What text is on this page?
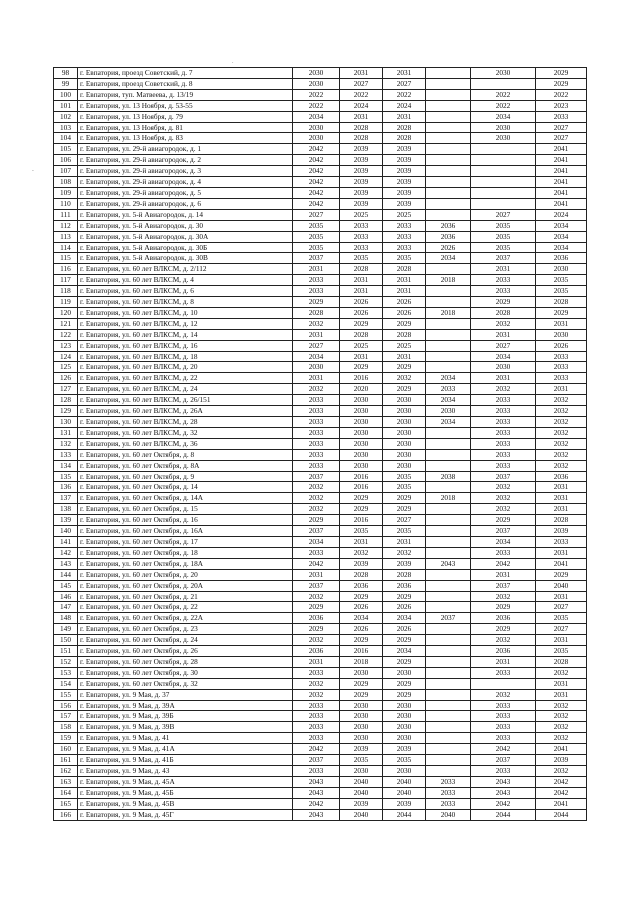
98	г. Евпатория, проезд Советский, д. 7	2030	2031	2031		2030	2029
99	г. Евпатория, проезд Советский, д. 8	2030	2027	2027			2029
100	г. Евпатория, туп. Матвеева, д. 13/19	2022	2022	2022		2022	2022
101	г. Евпатория, ул. 13 Ноября, д. 53-55	2022	2024	2024		2022	2023
102	г. Евпатория, ул. 13 Ноября, д. 79	2034	2031	2031		2034	2033
103	г. Евпатория, ул. 13 Ноября, д. 81	2030	2028	2028		2030	2027
104	г. Евпатория, ул. 13 Ноября, д. 83	2030	2028	2028		2030	2027
105	г. Евпатория, ул. 29-й авиагородок, д. 1	2042	2039	2039			2041
106	г. Евпатория, ул. 29-й авиагородок, д. 2	2042	2039	2039			2041
107	г. Евпатория, ул. 29-й авиагородок, д. 3	2042	2039	2039			2041
108	г. Евпатория, ул. 29-й авиагородок, д. 4	2042	2039	2039			2041
109	г. Евпатория, ул. 29-й авиагородок, д. 5	2042	2039	2039			2041
110	г. Евпатория, ул. 29-й авиагородок, д. 6	2042	2039	2039			2041
111	г. Евпатория, ул. 5-й Авиагородок, д. 14	2027	2025	2025		2027	2024
112	г. Евпатория, ул. 5-й Авиагородок, д. 30	2035	2033	2033	2036	2035	2034
113	г. Евпатория, ул. 5-й Авиагородок, д. 30А	2035	2033	2033	2036	2035	2034
114	г. Евпатория, ул. 5-й Авиагородок, д. 30Б	2035	2033	2033	2026	2035	2034
115	г. Евпатория, ул. 5-й Авиагородок, д. 30В	2037	2035	2035	2034	2037	2036
116	г. Евпатория, ул. 60 лет ВЛКСМ, д. 2/112	2031	2028	2028		2031	2030
117	г. Евпатория, ул. 60 лет ВЛКСМ, д. 4	2033	2031	2031	2018	2033	2035
118	г. Евпатория, ул. 60 лет ВЛКСМ, д. 6	2033	2031	2031		2033	2035
119	г. Евпатория, ул. 60 лет ВЛКСМ, д. 8	2029	2026	2026		2029	2028
120	г. Евпатория, ул. 60 лет ВЛКСМ, д. 10	2028	2026	2026	2018	2028	2029
121	г. Евпатория, ул. 60 лет ВЛКСМ, д. 12	2032	2029	2029		2032	2031
122	г. Евпатория, ул. 60 лет ВЛКСМ, д. 14	2031	2028	2028		2031	2030
123	г. Евпатория, ул. 60 лет ВЛКСМ, д. 16	2027	2025	2025		2027	2026
124	г. Евпатория, ул. 60 лет ВЛКСМ, д. 18	2034	2031	2031		2034	2033
125	г. Евпатория, ул. 60 лет ВЛКСМ, д. 20	2030	2029	2029		2030	2033
126	г. Евпатория, ул. 60 лет ВЛКСМ, д. 22	2031	2016	2032	2034	2031	2033
127	г. Евпатория, ул. 60 лет ВЛКСМ, д. 24	2032	2020	2029	2033	2032	2031
128	г. Евпатория, ул. 60 лет ВЛКСМ, д. 26/151	2033	2030	2030	2034	2033	2032
129	г. Евпатория, ул. 60 лет ВЛКСМ, д. 26А	2033	2030	2030	2030	2033	2032
130	г. Евпатория, ул. 60 лет ВЛКСМ, д. 28	2033	2030	2030	2034	2033	2032
131	г. Евпатория, ул. 60 лет ВЛКСМ, д. 32	2033	2030	2030		2033	2032
132	г. Евпатория, ул. 60 лет ВЛКСМ, д. 36	2033	2030	2030		2033	2032
133	г. Евпатория, ул. 60 лет Октября, д. 8	2033	2030	2030		2033	2032
134	г. Евпатория, ул. 60 лет Октября, д. 8А	2033	2030	2030		2033	2032
135	г. Евпатория, ул. 60 лет Октября, д. 9	2037	2016	2035	2038	2037	2036
136	г. Евпатория, ул. 60 лет Октября, д. 14	2032	2016	2035		2032	2031
137	г. Евпатория, ул. 60 лет Октября, д. 14А	2032	2029	2029	2018	2032	2031
138	г. Евпатория, ул. 60 лет Октября, д. 15	2032	2029	2029		2032	2031
139	г. Евпатория, ул. 60 лет Октября, д. 16	2029	2016	2027		2029	2028
140	г. Евпатория, ул. 60 лет Октября, д. 16А	2037	2035	2035		2037	2039
141	г. Евпатория, ул. 60 лет Октября, д. 17	2034	2031	2031		2034	2033
142	г. Евпатория, ул. 60 лет Октября, д. 18	2033	2032	2032		2033	2031
143	г. Евпатория, ул. 60 лет Октября, д. 18А	2042	2039	2039	2043	2042	2041
144	г. Евпатория, ул. 60 лет Октября, д. 20	2031	2028	2028		2031	2029
145	г. Евпатория, ул. 60 лет Октября, д. 20А	2037	2036	2036		2037	2040
146	г. Евпатория, ул. 60 лет Октября, д. 21	2032	2029	2029		2032	2031
147	г. Евпатория, ул. 60 лет Октября, д. 22	2029	2026	2026		2029	2027
148	г. Евпатория, ул. 60 лет Октября, д. 22А	2036	2034	2034	2037	2036	2035
149	г. Евпатория, ул. 60 лет Октября, д. 23	2029	2026	2026		2029	2027
150	г. Евпатория, ул. 60 лет Октября, д. 24	2032	2029	2029		2032	2031
151	г. Евпатория, ул. 60 лет Октября, д. 26	2036	2016	2034		2036	2035
152	г. Евпатория, ул. 60 лет Октября, д. 28	2031	2018	2029		2031	2028
153	г. Евпатория, ул. 60 лет Октября, д. 30	2033	2030	2030		2033	2032
154	г. Евпатория, ул. 60 лет Октября, д. 32	2032	2029	2029			2031
155	г. Евпатория, ул. 9 Мая, д. 37	2032	2029	2029		2032	2031
156	г. Евпатория, ул. 9 Мая, д. 39А	2033	2030	2030		2033	2032
157	г. Евпатория, ул. 9 Мая, д. 39Б	2033	2030	2030		2033	2032
158	г. Евпатория, ул. 9 Мая, д. 39В	2033	2030	2030		2033	2032
159	г. Евпатория, ул. 9 Мая, д. 41	2033	2030	2030		2033	2032
160	г. Евпатория, ул. 9 Мая, д. 41А	2042	2039	2039		2042	2041
161	г. Евпатория, ул. 9 Мая, д. 41Б	2037	2035	2035		2037	2039
162	г. Евпатория, ул. 9 Мая, д. 43	2033	2030	2030		2033	2032
163	г. Евпатория, ул. 9 Мая, д. 45А	2043	2040	2040	2033	2043	2042
164	г. Евпатория, ул. 9 Мая, д. 45Б	2043	2040	2040	2033	2043	2042
165	г. Евпатория, ул. 9 Мая, д. 45В	2042	2039	2039	2033	2042	2041
166	г. Евпатория, ул. 9 Мая, д. 45Г	2043	2040	2044	2040	2044	2044
·
·
